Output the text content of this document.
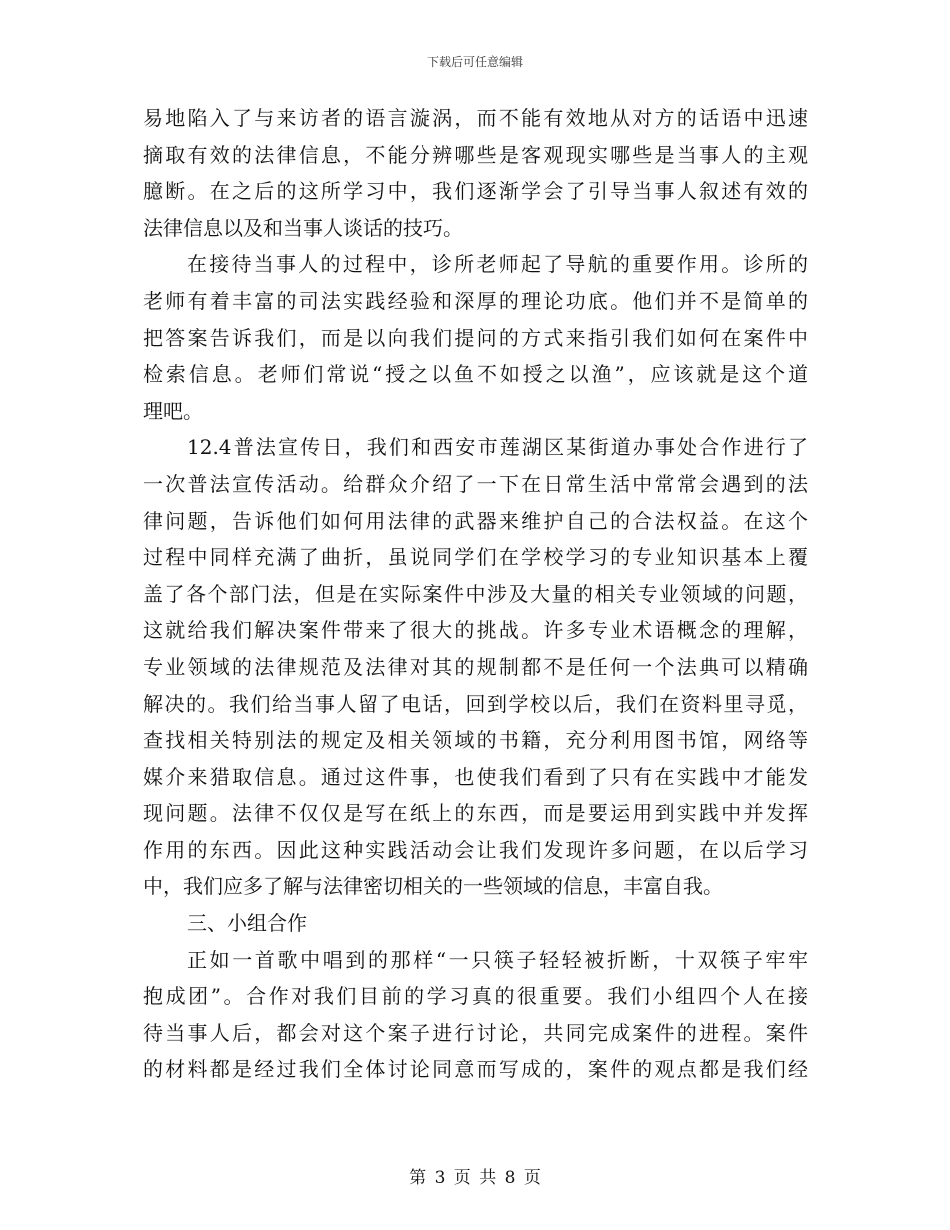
下载后可任意编辑
易地陷入了与来访者的语言漩涡，而不能有效地从对方的话语中迅速
摘取有效的法律信息，不能分辨哪些是客观现实哪些是当事人的主观
臆断。在之后的这所学习中，我们逐渐学会了引导当事人叙述有效的
法律信息以及和当事人谈话的技巧。
在接待当事人的过程中，诊所老师起了导航的重要作用。诊所的
老师有着丰富的司法实践经验和深厚的理论功底。他们并不是简单的
把答案告诉我们，而是以向我们提问的方式来指引我们如何在案件中
检索信息。老师们常说“授之以鱼不如授之以渔”，应该就是这个道
理吧。
12.4普法宣传日，我们和西安市莲湖区某街道办事处合作进行了
一次普法宣传活动。给群众介绍了一下在日常生活中常常会遇到的法
律问题，告诉他们如何用法律的武器来维护自己的合法权益。在这个
过程中同样充满了曲折，虽说同学们在学校学习的专业知识基本上覆
盖了各个部门法，但是在实际案件中涉及大量的相关专业领域的问题，
这就给我们解决案件带来了很大的挑战。许多专业术语概念的理解，
专业领域的法律规范及法律对其的规制都不是任何一个法典可以精确
解决的。我们给当事人留了电话，回到学校以后，我们在资料里寻觅，
查找相关特别法的规定及相关领域的书籍，充分利用图书馆，网络等
媒介来猎取信息。通过这件事，也使我们看到了只有在实践中才能发
现问题。法律不仅仅是写在纸上的东西，而是要运用到实践中并发挥
作用的东西。因此这种实践活动会让我们发现许多问题，在以后学习
中，我们应多了解与法律密切相关的一些领域的信息，丰富自我。
三、小组合作
正如一首歌中唱到的那样“一只筷子轻轻被折断，十双筷子牢牢
抱成团”。合作对我们目前的学习真的很重要。我们小组四个人在接
待当事人后，都会对这个案子进行讨论，共同完成案件的进程。案件
的材料都是经过我们全体讨论同意而写成的，案件的观点都是我们经
第 3 页 共 8 页
